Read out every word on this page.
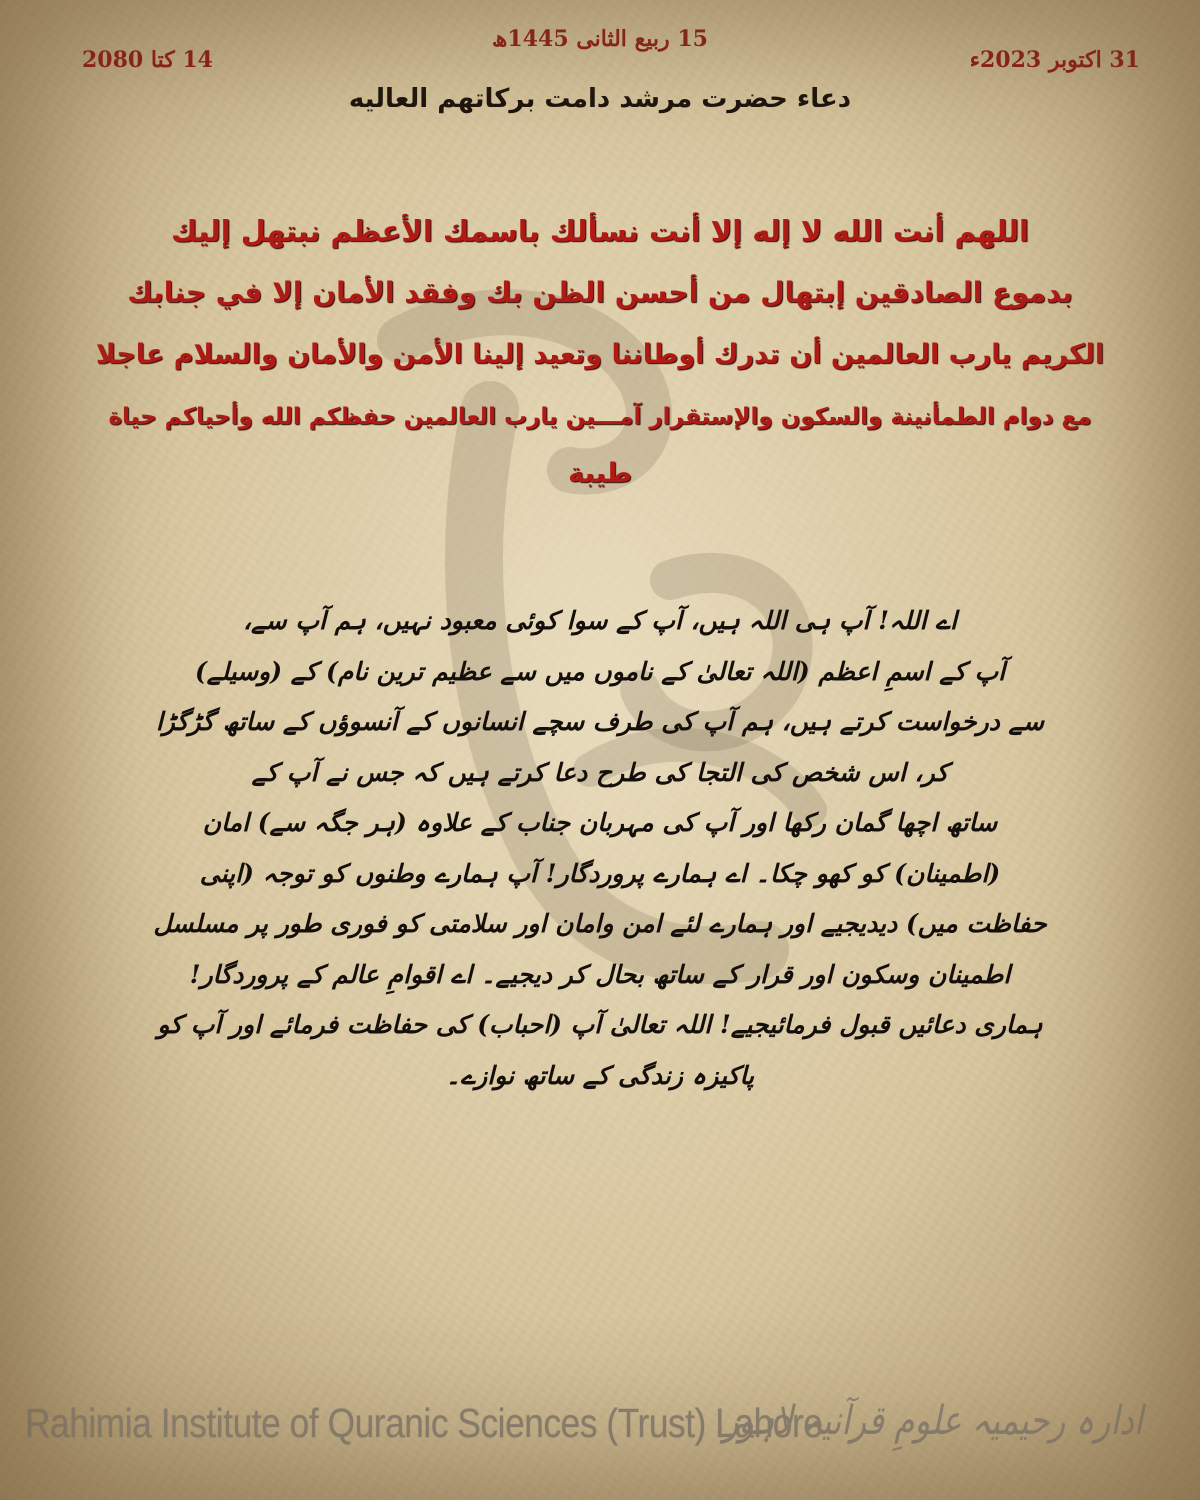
15 ربیع الثانی 1445ھ
31 اکتوبر 2023ء
14 کتا 2080
دعاء حضرت مرشد دامت برکاتهم العالیه
اللهم أنت الله لا إله إلا أنت نسألك باسمك الأعظم نبتهل إليك
بدموع الصادقين إبتهال من أحسن الظن بك وفقد الأمان إلا في جنابك
الكريم يارب العالمين أن تدرك أوطاننا وتعيد إلينا الأمن والأمان والسلام عاجلا
مع دوام الطمأنينة والسكون والإستقرار آمـــين يارب العالمين حفظكم الله وأحياكم حياة
طيبة
اے اللہ! آپ ہی اللہ ہیں، آپ کے سوا کوئی معبود نہیں، ہم آپ سے،
آپ کے اسمِ اعظم (اللہ تعالیٰ کے ناموں میں سے عظیم ترین نام) کے (وسیلے)
سے درخواست کرتے ہیں، ہم آپ کی طرف سچے انسانوں کے آنسوؤں کے ساتھ گڑگڑا
کر، اس شخص کی التجا کی طرح دعا کرتے ہیں کہ جس نے آپ کے
ساتھ اچھا گمان رکھا اور آپ کی مہربان جناب کے علاوہ (ہر جگہ سے) امان
(اطمینان) کو کھو چکا۔ اے ہمارے پروردگار! آپ ہمارے وطنوں کو توجہ (اپنی
حفاظت میں) دیدیجیے اور ہمارے لئے امن وامان اور سلامتی کو فوری طور پر مسلسل
اطمینان وسکون اور قرار کے ساتھ بحال کر دیجیے۔ اے اقوامِ عالم کے پروردگار!
ہماری دعائیں قبول فرمائیجیے! اللہ تعالیٰ آپ (احباب) کی حفاظت فرمائے اور آپ کو
پاکیزہ زندگی کے ساتھ نوازے۔
Rahimia Institute of Quranic Sciences (Trust) Lahore
ادارہ رحیمیہ علومِ قرآنیہ لاہور
